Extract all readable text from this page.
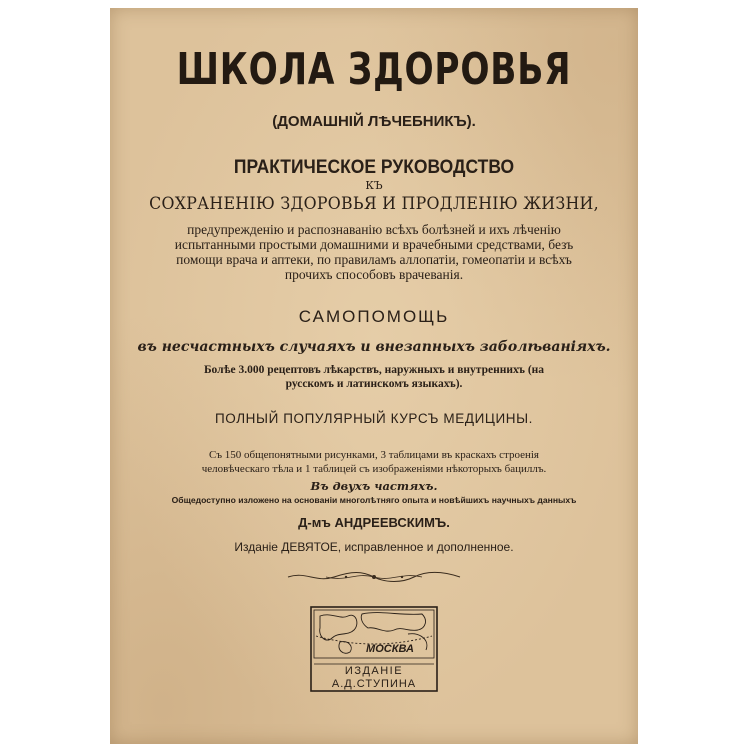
ШКОЛА ЗДОРОВЬЯ
(ДОМАШНІЙ ЛѢЧЕБНИКЪ).
ПРАКТИЧЕСКОЕ РУКОВОДСТВО
КЪ
СОХРАНЕНІЮ ЗДОРОВЬЯ И ПРОДЛЕНІЮ ЖИЗНИ,
предупрежденію и распознаванію всѣхъ болѣзней и ихъ лѣченію испытанными простыми домашними и врачебными средствами, безъ помощи врача и аптеки, по правиламъ аллопатіи, гомеопатіи и всѣхъ прочихъ способовъ врачеванія.
САМОПОМОЩЬ
въ несчастныхъ случаяхъ и внезапныхъ заболѣваніяхъ.
Болѣе 3.000 рецептовъ лѣкарствъ, наружныхъ и внутреннихъ (на русскомъ и латинскомъ языкахъ).
ПОЛНЫЙ ПОПУЛЯРНЫЙ КУРСЪ МЕДИЦИНЫ.
Съ 150 общепонятными рисунками, 3 таблицами въ краскахъ строенія человѣческаго тѣла и 1 таблицей съ изображеніями нѣкоторыхъ бациллъ.
Въ двухъ частяхъ.
Общедоступно изложено на основаніи многолѣтняго опыта и новѣйшихъ научныхъ данныхъ
Д-мъ АНДРЕЕВСКИМЪ.
Изданіе ДЕВЯТОЕ, исправленное и дополненное.
МОСКВА
ИЗДАНІЕ
А.Д.СТУПИНА
